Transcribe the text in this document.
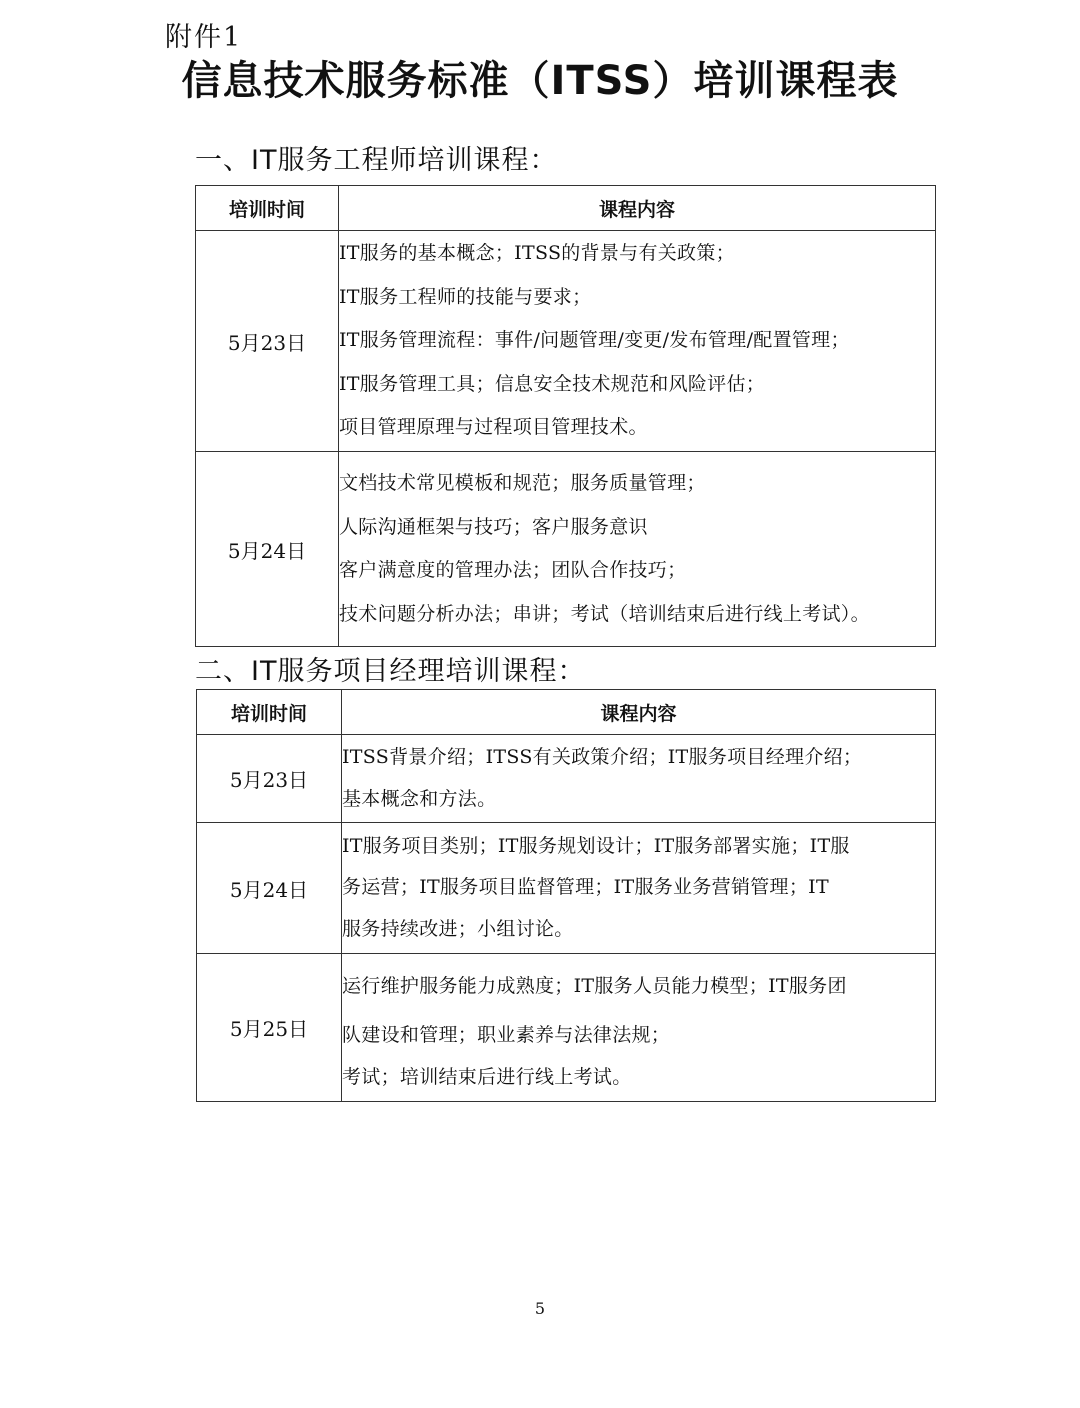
附件1
信息技术服务标准（ITSS）培训课程表
一、IT服务工程师培训课程：
培训时间	课程内容
5月23日	IT服务的基本概念；ITSS的背景与有关政策；
IT服务工程师的技能与要求；
IT服务管理流程：事件/问题管理/变更/发布管理/配置管理；
IT服务管理工具；信息安全技术规范和风险评估；
项目管理原理与过程项目管理技术。

5月24日	文档技术常见模板和规范；服务质量管理；
人际沟通框架与技巧；客户服务意识
客户满意度的管理办法；团队合作技巧；
技术问题分析办法；串讲；考试（培训结束后进行线上考试）。
二、IT服务项目经理培训课程：
培训时间	课程内容
5月23日	ITSS背景介绍；ITSS有关政策介绍；IT服务项目经理介绍；
基本概念和方法。

5月24日	IT服务项目类别；IT服务规划设计；IT服务部署实施；IT服
务运营；IT服务项目监督管理；IT服务业务营销管理；IT
服务持续改进；小组讨论。

5月25日	运行维护服务能力成熟度；IT服务人员能力模型；IT服务团
队建设和管理；职业素养与法律法规；
考试；培训结束后进行线上考试。
5
